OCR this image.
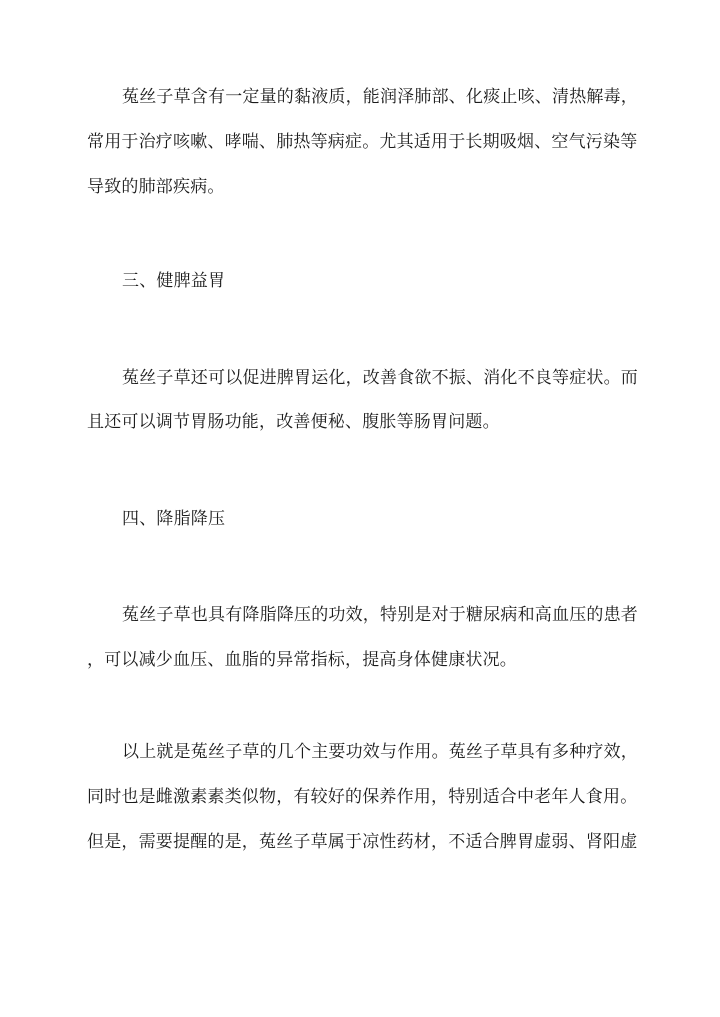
菟丝子草含有一定量的黏液质，能润泽肺部、化痰止咳、清热解毒，
常用于治疗咳嗽、哮喘、肺热等病症。尤其适用于长期吸烟、空气污染等
导致的肺部疾病。
三、健脾益胃
菟丝子草还可以促进脾胃运化，改善食欲不振、消化不良等症状。而
且还可以调节胃肠功能，改善便秘、腹胀等肠胃问题。
四、降脂降压
菟丝子草也具有降脂降压的功效，特别是对于糖尿病和高血压的患者
，可以减少血压、血脂的异常指标，提高身体健康状况。
以上就是菟丝子草的几个主要功效与作用。菟丝子草具有多种疗效，
同时也是雌激素素类似物，有较好的保养作用，特别适合中老年人食用。
但是，需要提醒的是，菟丝子草属于凉性药材，不适合脾胃虚弱、肾阳虚
